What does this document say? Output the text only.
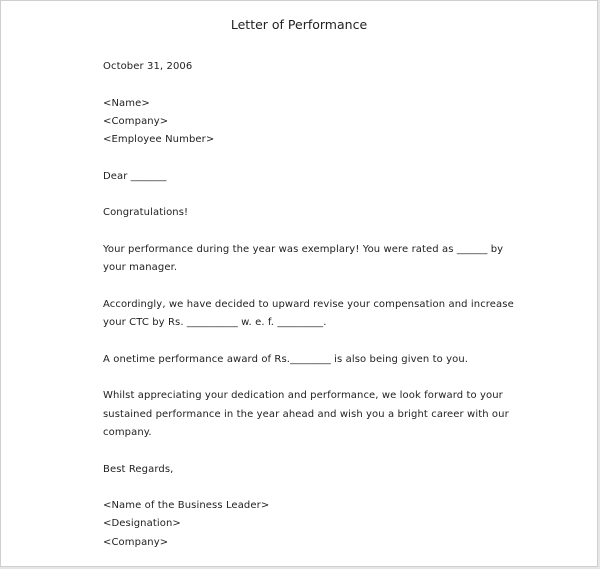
Letter of Performance
October 31, 2006
<Name>
<Company>
<Employee Number>
Dear _______
Congratulations!
Your performance during the year was exemplary! You were rated as ______ by
your manager.
Accordingly, we have decided to upward revise your compensation and increase
your CTC by Rs. __________ w. e. f. _________.
A onetime performance award of Rs.________ is also being given to you.
Whilst appreciating your dedication and performance, we look forward to your
sustained performance in the year ahead and wish you a bright career with our
company.
Best Regards,
<Name of the Business Leader>
<Designation>
<Company>
